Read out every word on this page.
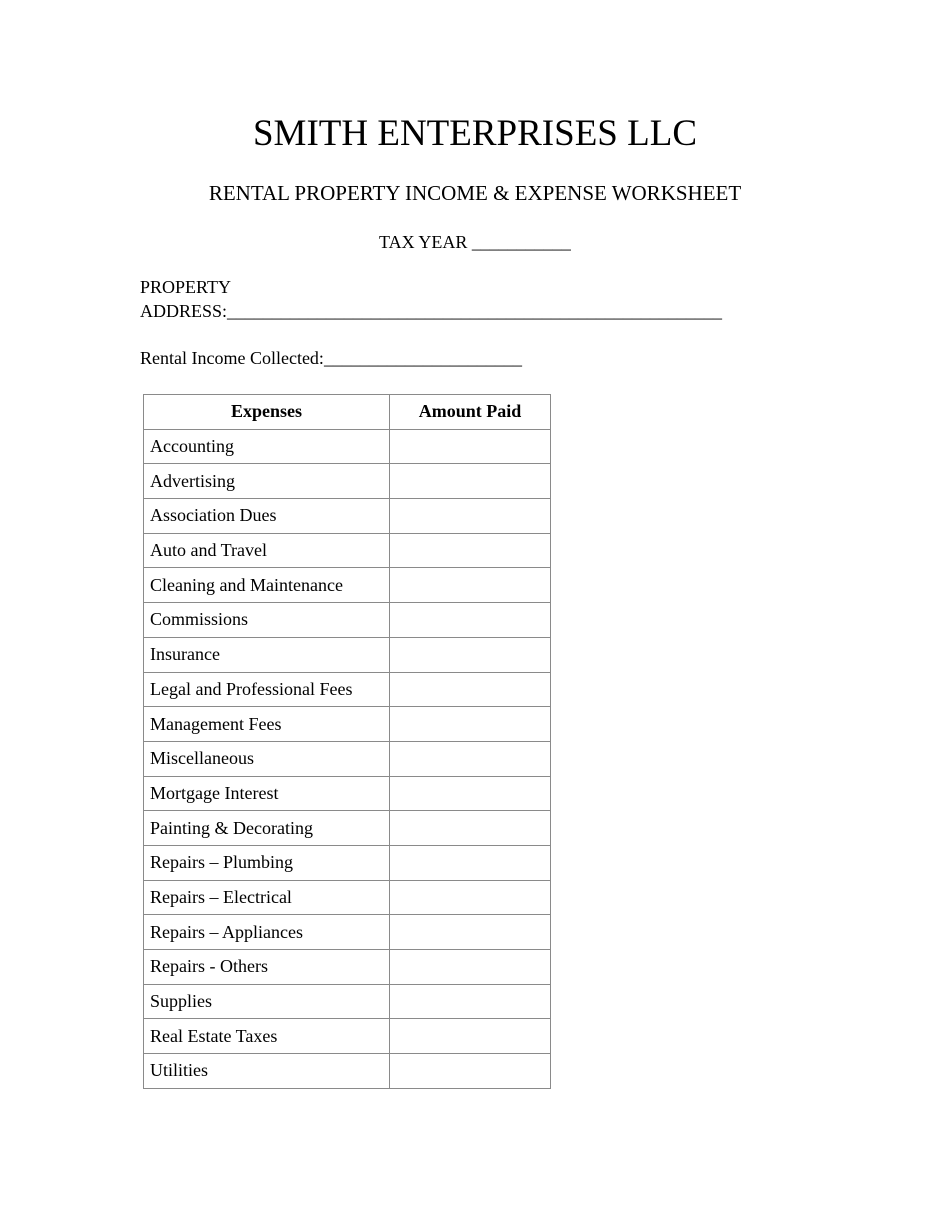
SMITH ENTERPRISES LLC
RENTAL PROPERTY INCOME & EXPENSE WORKSHEET
TAX YEAR ___________
PROPERTY
ADDRESS:_______________________________________________________
Rental Income Collected:______________________
Expenses	Amount Paid
Accounting	
Advertising	
Association Dues	
Auto and Travel	
Cleaning and Maintenance	
Commissions	
Insurance	
Legal and Professional Fees	
Management Fees	
Miscellaneous	
Mortgage Interest	
Painting & Decorating	
Repairs – Plumbing	
Repairs – Electrical	
Repairs – Appliances	
Repairs - Others	
Supplies	
Real Estate Taxes	
Utilities	
